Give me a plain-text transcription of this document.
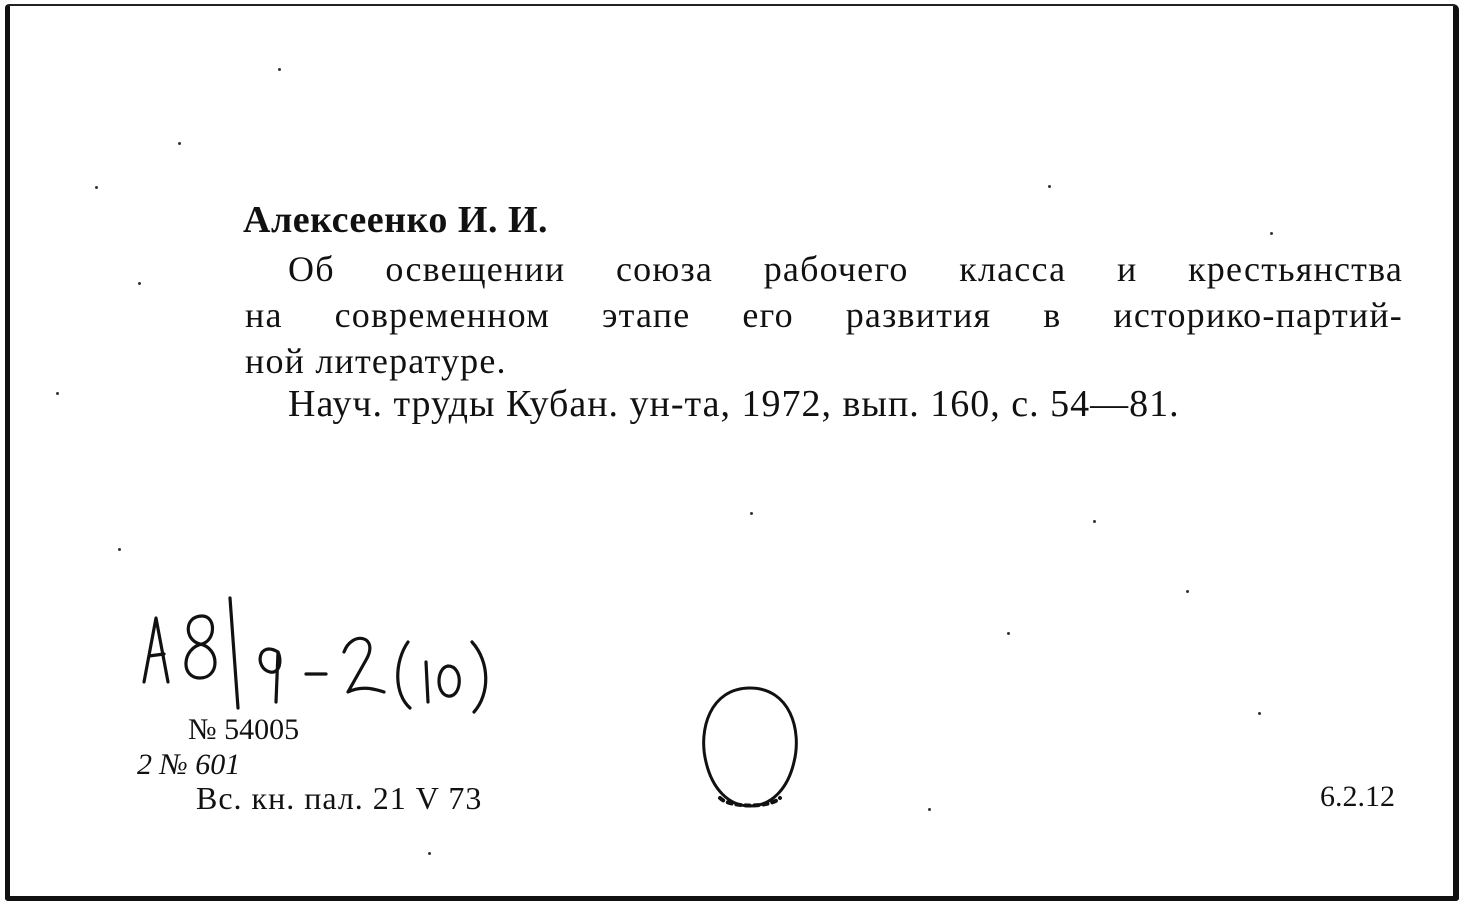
Алексеенко И. И.
Об освещении союза рабочего класса и крестьянства
на современном этапе его развития в историко-партий-
ной литературе.
Науч. труды Кубан. ун-та, 1972, вып. 160, с. 54—81.
№ 54005
2 № 601
Вс. кн. пал. 21 V 73	6.2.12
